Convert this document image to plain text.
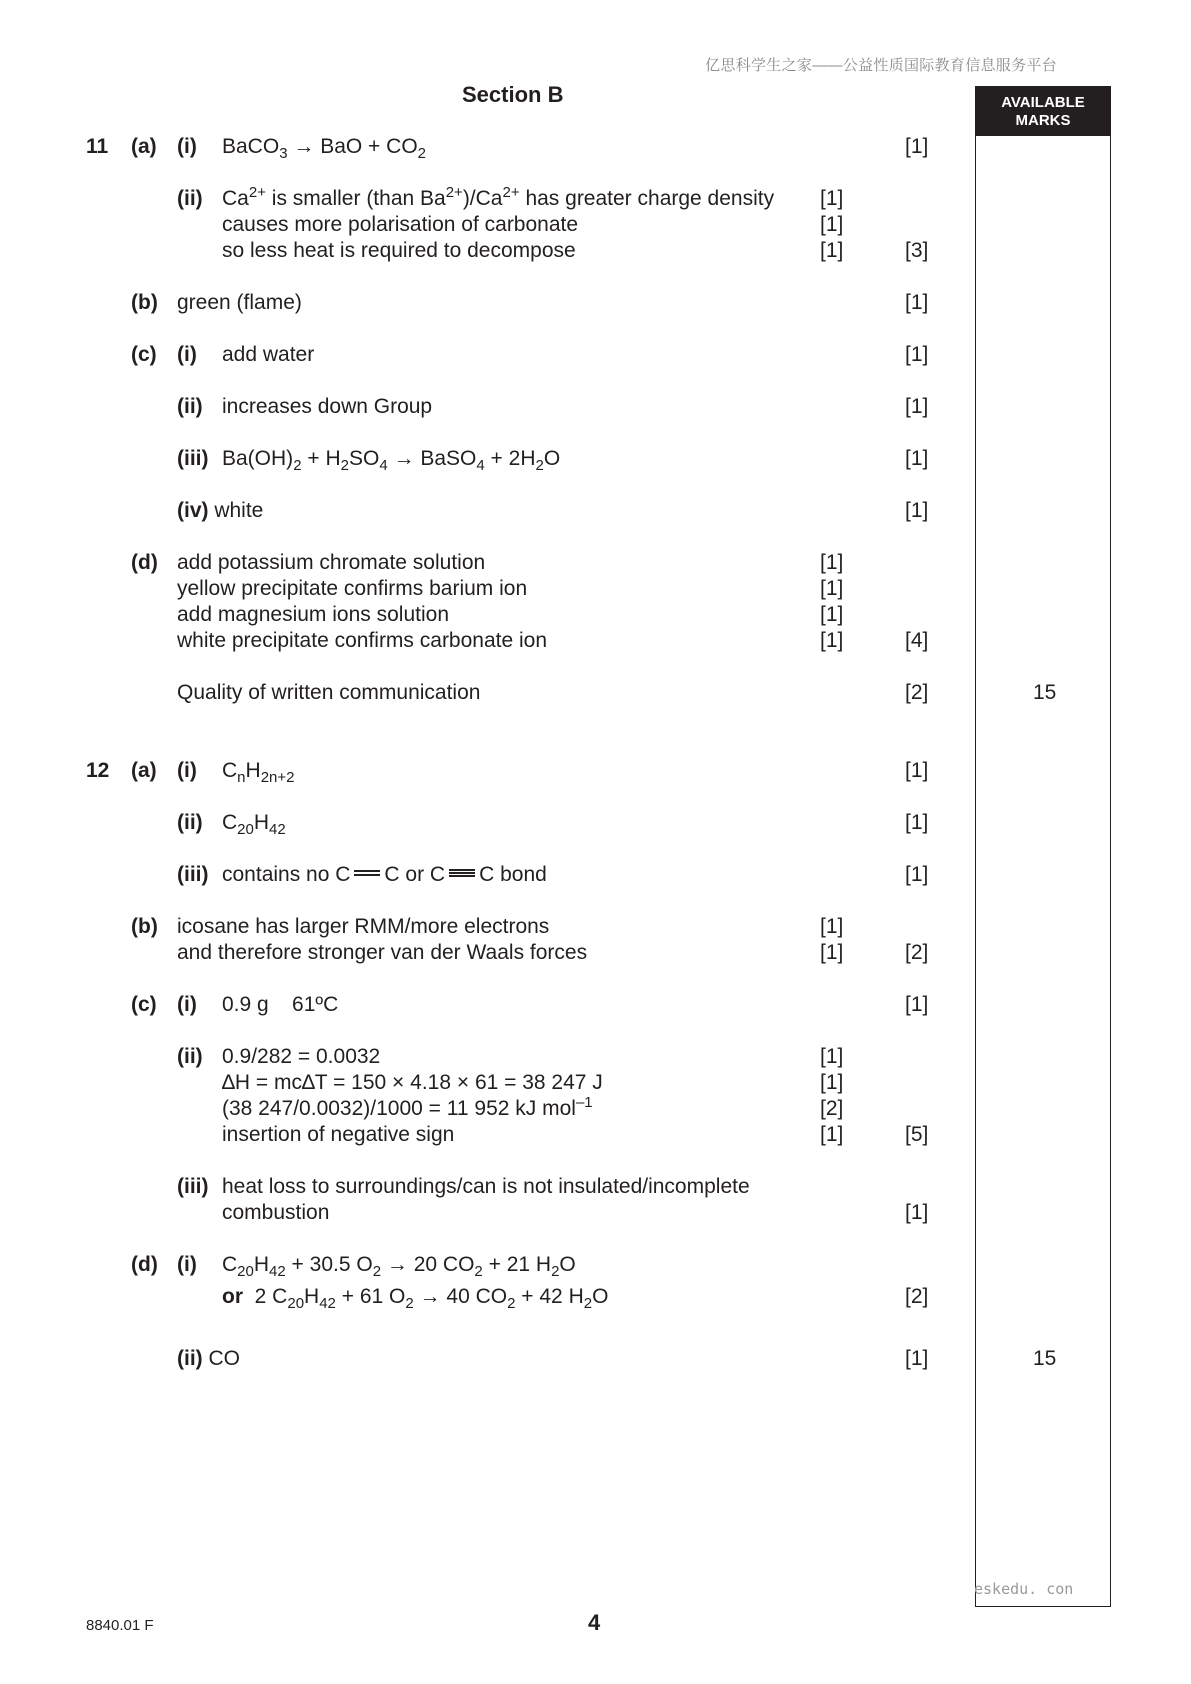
亿思科学生之家——公益性质国际教育信息服务平台
Section B	AVAILABLE
MARKS
11 (a) (i) BaCO$_3$ → BaO + $CO_2$	[1]
(ii) $Ca^{2+}$ is smaller (than $Ba^{2+})/Ca^{2+}$ has greater charge density [1]
causes more polarisation of carbonate	[1]
so less heat is required to decompose	[1]	[3]
(b) green (flame)	[1]
(c) (i) add water	[1]
(ii) increases down Group	[1]
(iii) $Ba(OH)_2 + H_2SO_4$ → BaSO$_4$ + $2H_2O$	[1]
(iv) white	[1]
(d) add potassium chromate solution	[1]
yellow precipitate confirms barium ion	[1]
add magnesium ions solution	[1]
white precipitate confirms carbonate ion	[1]	[4]
Quality of written communication	[2]	15
12 (a) (i) $C_nH_{2n+2}$	[1]
(ii) $C_{20}H_{42}$	[1]
(iii) contains no C C or C C bond	[1]
(b) icosane has larger RMM/more electrons	[1]
and therefore stronger van der Waals forces	[1]	[2]
(c) (i) 0.9 g    61ºC	[1]
(ii) 0.9/282 = 0.0032	[1]
∆H = mc∆T = 150 × 4.18 × 61 = 38 247 J	[1]
(38 247/0.0032)/1000 = 11 952 kJ mol$^{-1}$	[2]
insertion of negative sign	[1]	[5]
(iii) heat loss to surroundings/can is not insulated/incomplete
combustion	[1]
(d) (i) $C_{20}H_{42} + 30.5$ $O_2 \to 20$ $CO_2 + 21$ $H_2O$
or  2 $C_{20}H_{42} + 61$ $O_2 \to 40$ $CO_2 + 42$ $H_2O$	[2]
(ii) CO	[1]	15
eskedu. con
8840.01 F	4
